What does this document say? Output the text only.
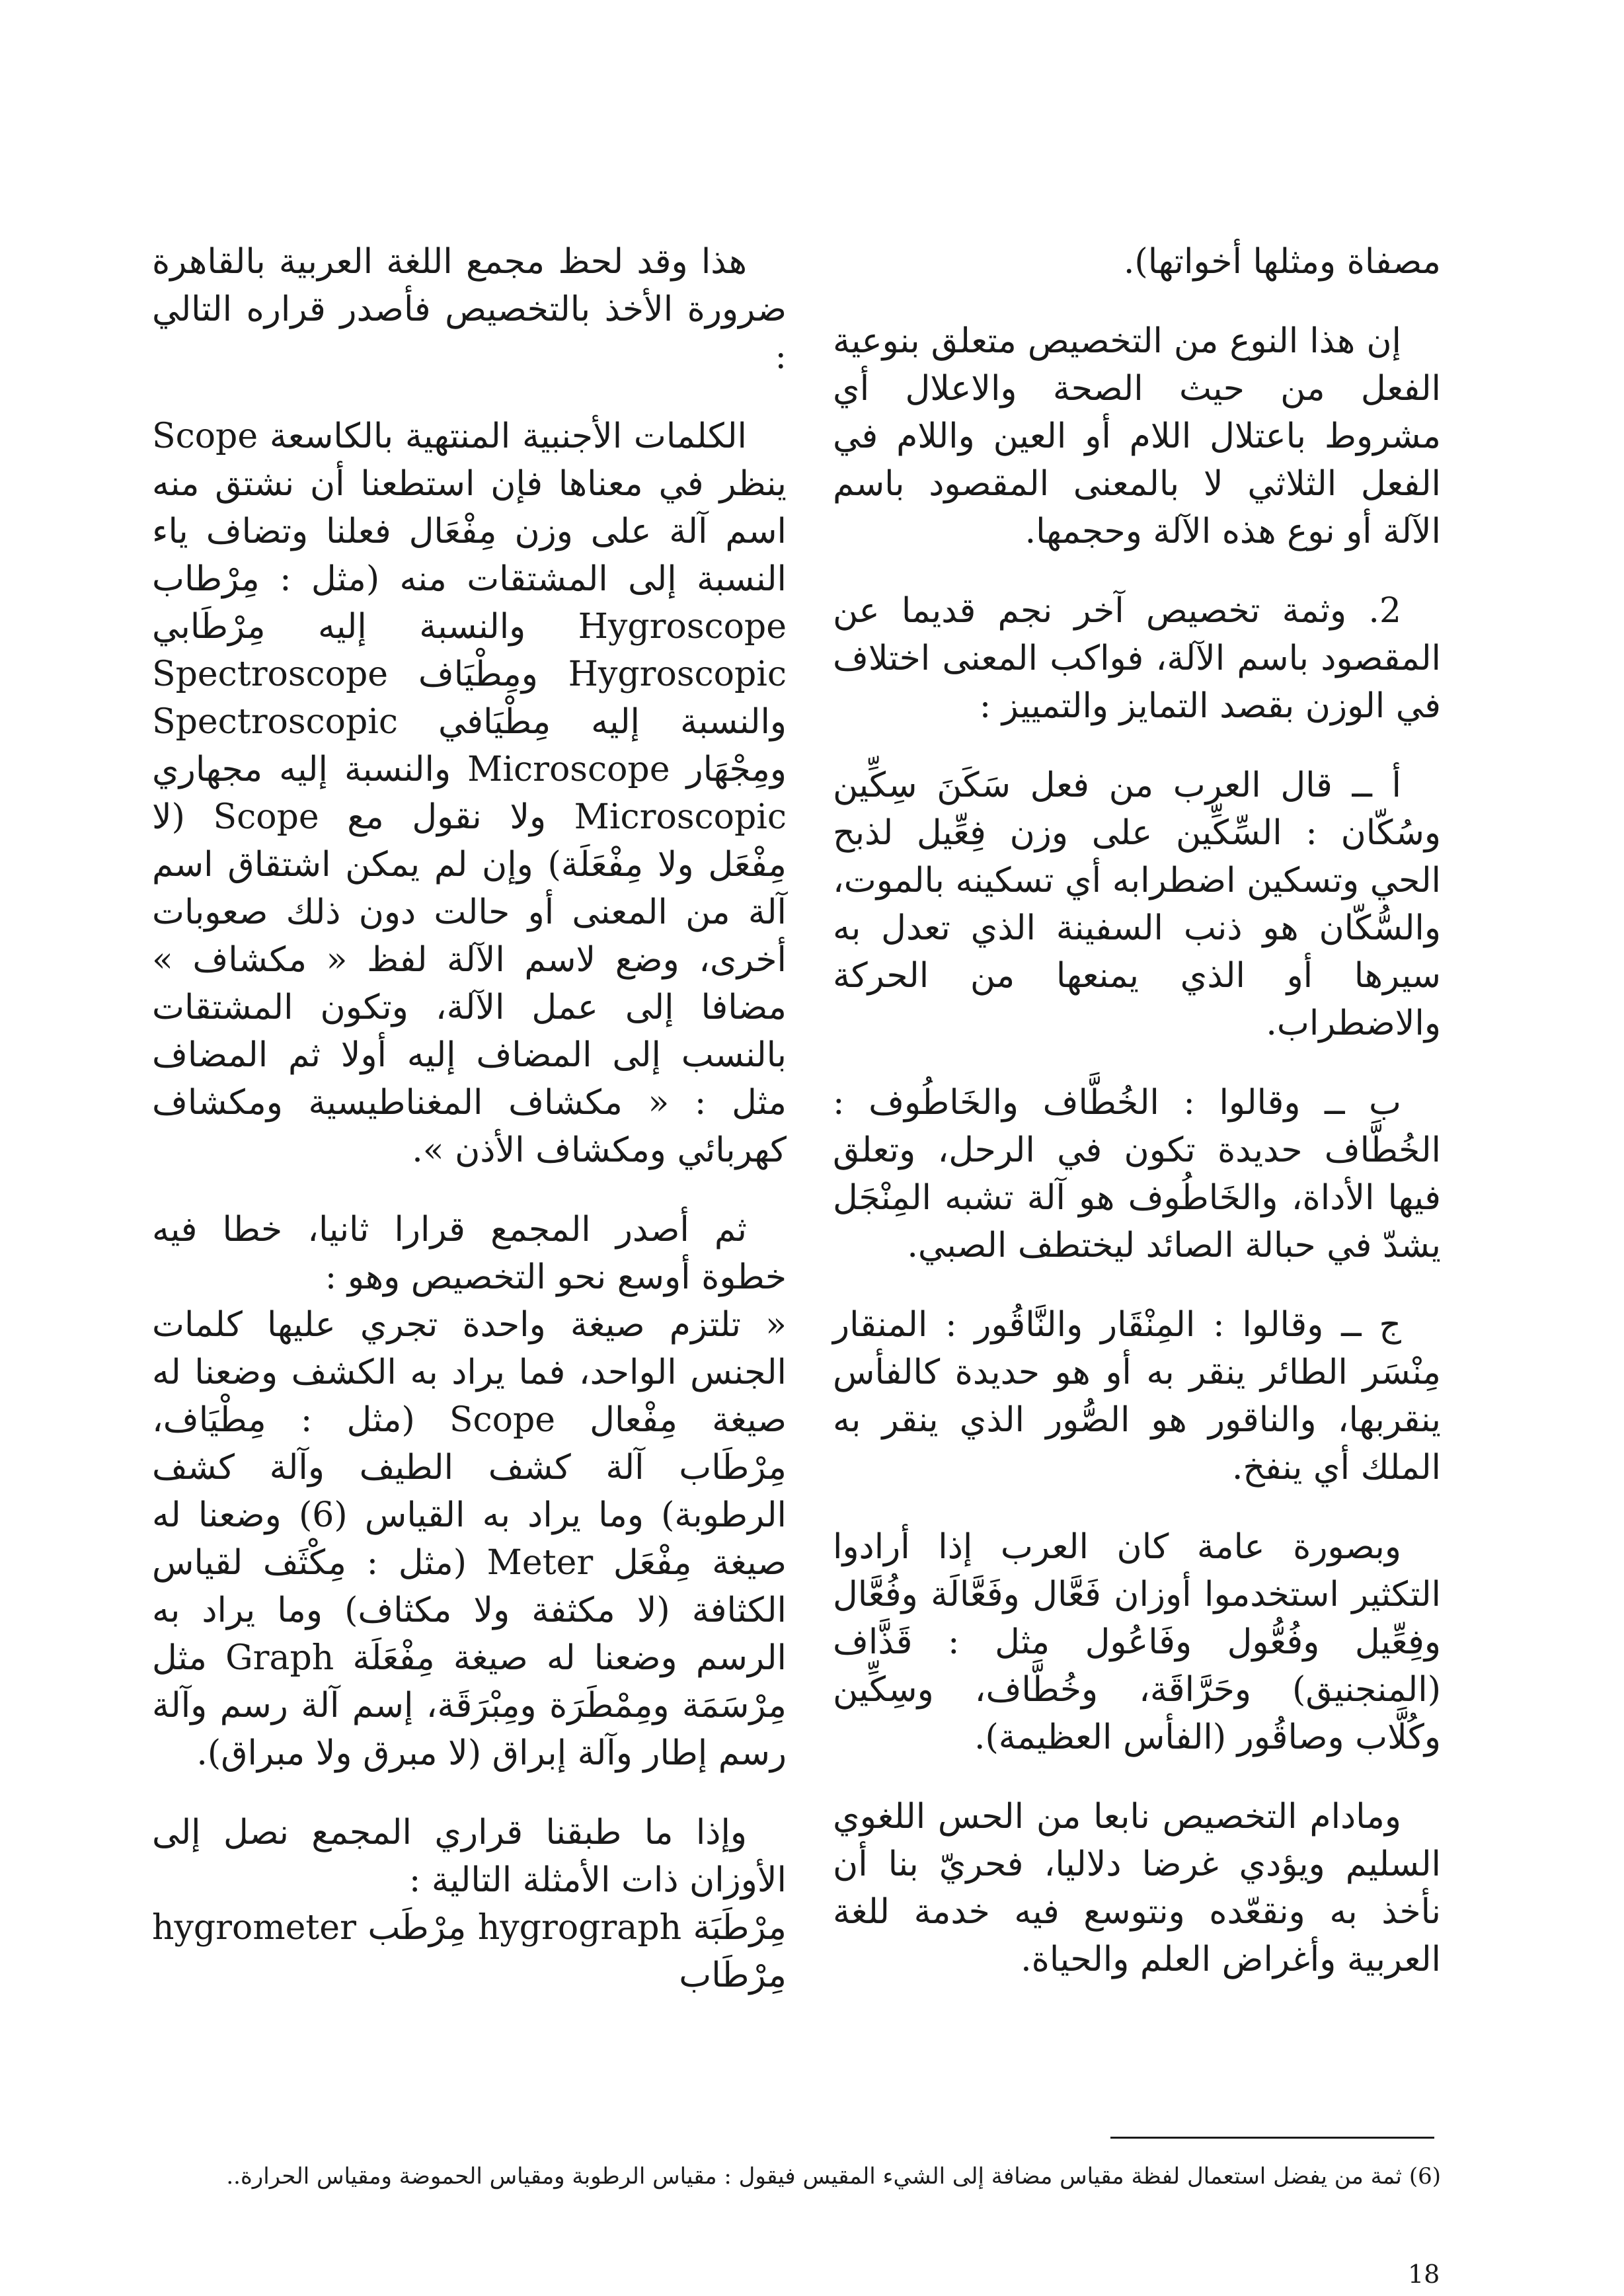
مصفاة ومثلها أخواتها).

إن هذا النوع من التخصيص متعلق بنوعية الفعل من حيث الصحة والاعلال أي مشروط باعتلال اللام أو العين واللام في الفعل الثلاثي لا بالمعنى المقصود باسم الآلة أو نوع هذه الآلة وحجمها.

2. وثمة تخصيص آخر نجم قديما عن المقصود باسم الآلة، فواكب المعنى اختلاف في الوزن بقصد التمايز والتمييز :

أ ــ قال العرب من فعل سَكَنَ سِكِّين وسُكّان : السِّكِّين على وزن فِعِّيل لذبح الحي وتسكين اضطرابه أي تسكينه بالموت، والسُّكّان هو ذنب السفينة الذي تعدل به سيرها أو الذي يمنعها من الحركة والاضطراب.

ب ــ وقالوا : الخُطَّاف والخَاطُوف : الخُطَّاف حديدة تكون في الرحل، وتعلق فيها الأداة، والخَاطُوف هو آلة تشبه المِنْجَل يشدّ في حبالة الصائد ليختطف الصبي.

ج ــ وقالوا : المِنْقَار والنَّاقُور : المنقار مِنْسَر الطائر ينقر به أو هو حديدة كالفأس ينقربها، والناقور هو الصُّور الذي ينقر به الملك أي ينفخ.

وبصورة عامة كان العرب إذا أرادوا التكثير استخدموا أوزان فَعَّال وفَعَّالَة وفُعَّال وفِعِّيل وفُعُّول وفَاعُول مثل : قَذَّاف (المنجنيق) وحَرَّاقَة، وخُطَّاف، وسِكِّين وكُلَّاب وصاقُور (الفأس العظيمة).

ومادام التخصيص نابعا من الحس اللغوي السليم ويؤدي غرضا دلاليا، فحريّ بنا أن نأخذ به ونقعّده ونتوسع فيه خدمة للغة العربية وأغراض العلم والحياة.

هذا وقد لحظ مجمع اللغة العربية بالقاهرة ضرورة الأخذ بالتخصيص فأصدر قراره التالي :

الكلمات الأجنبية المنتهية بالكاسعة Scope ينظر في معناها فإن استطعنا أن نشتق منه اسم آلة على وزن مِفْعَال فعلنا وتضاف ياء النسبة إلى المشتقات منه (مثل : مِرْطاب Hygroscope والنسبة إليه مِرْطَابي Hygroscopic ومِطْيَاف Spectroscope والنسبة إليه مِطْيَافي Spectroscopic ومِجْهَار Microscope والنسبة إليه مجهاري Microscopic ولا نقول مع Scope (لا مِفْعَل ولا مِفْعَلَة) وإن لم يمكن اشتقاق اسم آلة من المعنى أو حالت دون ذلك صعوبات أخرى، وضع لاسم الآلة لفظ « مكشاف » مضافا إلى عمل الآلة، وتكون المشتقات بالنسب إلى المضاف إليه أولا ثم المضاف مثل : « مكشاف المغناطيسية ومكشاف كهربائي ومكشاف الأذن ».

ثم أصدر المجمع قرارا ثانيا، خطا فيه خطوة أوسع نحو التخصيص وهو :

« تلتزم صيغة واحدة تجري عليها كلمات الجنس الواحد، فما يراد به الكشف وضعنا له صيغة مِفْعال Scope (مثل : مِطْيَاف، مِرْطَاب آلة كشف الطيف وآلة كشف الرطوبة) وما يراد به القياس (6) وضعنا له صيغة مِفْعَل Meter (مثل : مِكْثَف لقياس الكثافة (لا مكثفة ولا مكثاف) وما يراد به الرسم وضعنا له صيغة مِفْعَلَة Graph مثل مِرْسَمَة ومِمْطَرَة ومِبْرَقَة، إسم آلة رسم وآلة رسم إطار وآلة إبراق (لا مبرق ولا مبراق).

وإذا ما طبقنا قراري المجمع نصل إلى الأوزان ذات الأمثلة التالية :

مِرْطَبَة hygrograph مِرْطَب hygrometer مِرْطَاب

(6) ثمة من يفضل استعمال لفظة مقياس مضافة إلى الشيء المقيس فيقول : مقياس الرطوبة ومقياس الحموضة ومقياس الحرارة..
18
